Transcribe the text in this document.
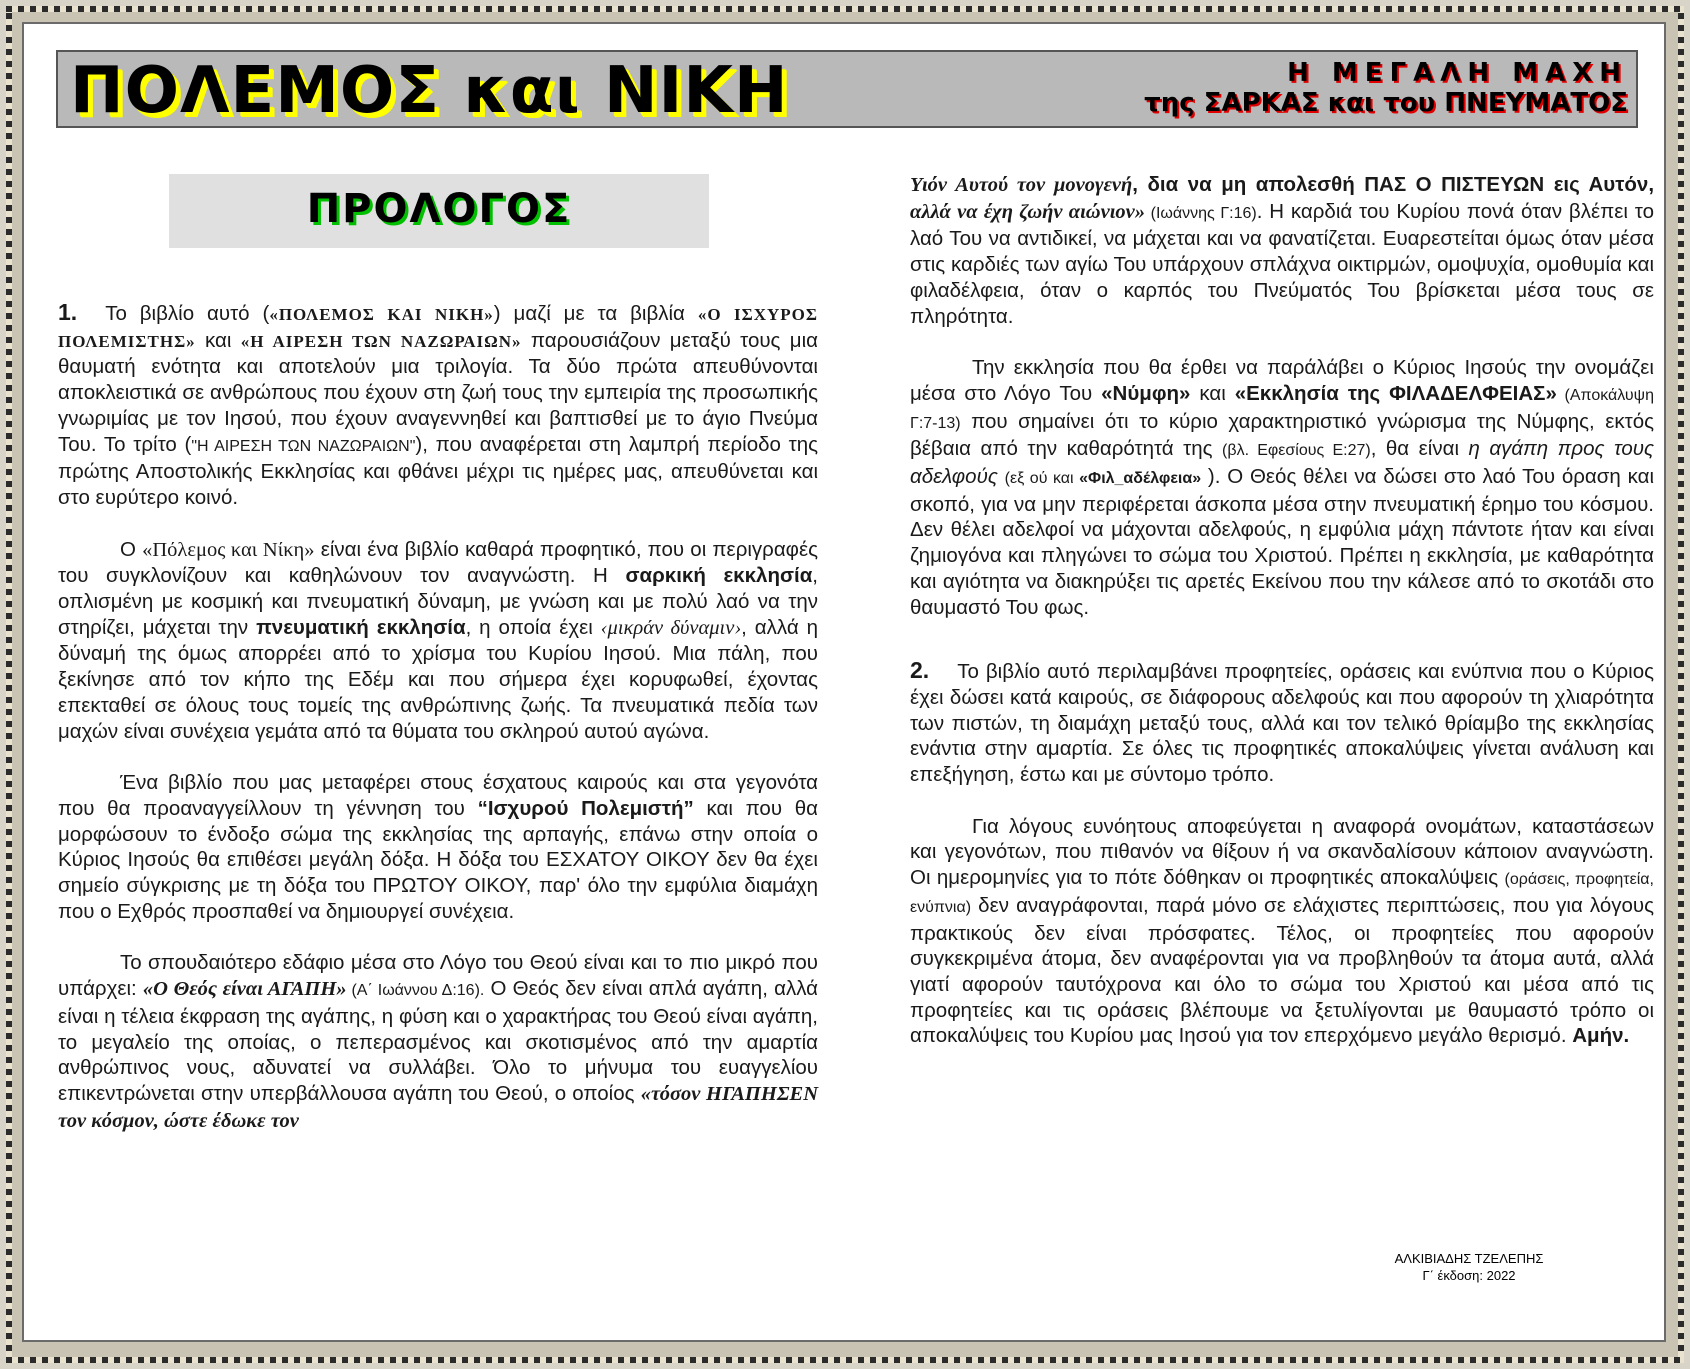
ΠΟΛΕΜΟΣ και ΝΙΚΗ	Η ΜΕΓΑΛΗ ΜΑΧΗ
της ΣΑΡΚΑΣ και του ΠΝΕΥΜΑΤΟΣ
ΠΡΟΛΟΓΟΣ

1. Το βιβλίο αυτό («ΠΟΛΕΜΟΣ ΚΑΙ ΝΙΚΗ») μαζί με τα βιβλία «Ο ΙΣΧΥΡΟΣ ΠΟΛΕΜΙΣΤΗΣ» και «Η ΑΙΡΕΣΗ ΤΩΝ ΝΑΖΩΡΑΙΩΝ» παρουσιάζουν μεταξύ τους μια θαυματή ενότητα και αποτελούν μια τριλογία. Τα δύο πρώτα απευθύνονται αποκλειστικά σε ανθρώπους που έχουν στη ζωή τους την εμπειρία της προσωπικής γνωριμίας με τον Ιησού, που έχουν αναγεννηθεί και βαπτισθεί με το άγιο Πνεύμα Του. Το τρίτο ("Η ΑΙΡΕΣΗ ΤΩΝ ΝΑΖΩΡΑΙΩΝ"), που αναφέρεται στη λαμπρή περίοδο της πρώτης Αποστολικής Εκκλησίας και φθάνει μέχρι τις ημέρες μας, απευθύνεται και στο ευρύτερο κοινό.

Ο «Πόλεμος και Νίκη» είναι ένα βιβλίο καθαρά προφητικό, που οι περιγραφές του συγκλονίζουν και καθηλώνουν τον αναγνώστη. Η σαρκική εκκλησία, οπλισμένη με κοσμική και πνευματική δύναμη, με γνώση και με πολύ λαό να την στηρίζει, μάχεται την πνευματική εκκλησία, η οποία έχει ‹μικράν δύναμιν›, αλλά η δύναμή της όμως απορρέει από το χρίσμα του Κυρίου Ιησού. Μια πάλη, που ξεκίνησε από τον κήπο της Εδέμ και που σήμερα έχει κορυφωθεί, έχοντας επεκταθεί σε όλους τους τομείς της ανθρώπινης ζωής. Τα πνευματικά πεδία των μαχών είναι συνέχεια γεμάτα από τα θύματα του σκληρού αυτού αγώνα.

Ένα βιβλίο που μας μεταφέρει στους έσχατους καιρούς και στα γεγονότα που θα προαναγγείλλουν τη γέννηση του “Ισχυρού Πολεμιστή” και που θα μορφώσουν το ένδοξο σώμα της εκκλησίας της αρπαγής, επάνω στην οποία ο Κύριος Ιησούς θα επιθέσει μεγάλη δόξα. Η δόξα του ΕΣΧΑΤΟΥ ΟΙΚΟΥ δεν θα έχει σημείο σύγκρισης με τη δόξα του ΠΡΩΤΟΥ ΟΙΚΟΥ, παρ' όλο την εμφύλια διαμάχη που ο Εχθρός προσπαθεί να δημιουργεί συνέχεια.

Το σπουδαιότερο εδάφιο μέσα στο Λόγο του Θεού είναι και το πιο μικρό που υπάρχει: «Ο Θεός είναι ΑΓΑΠΗ» (Α΄ Ιωάννου Δ:16). Ο Θεός δεν είναι απλά αγάπη, αλλά είναι η τέλεια έκφραση της αγάπης, η φύση και ο χαρακτήρας του Θεού είναι αγάπη, το μεγαλείο της οποίας, ο πεπερασμένος και σκοτισμένος από την αμαρτία ανθρώπινος νους, αδυνατεί να συλλάβει. Όλο το μήνυμα του ευαγγελίου επικεντρώνεται στην υπερβάλλουσα αγάπη του Θεού, ο οποίος «τόσον ΗΓΑΠΗΣΕΝ τον κόσμον, ώστε έδωκε τον

Υιόν Αυτού τον μονογενή, δια να μη απολεσθή ΠΑΣ Ο ΠΙΣΤΕΥΩΝ εις Αυτόν, αλλά να έχη ζωήν αιώνιον» (Ιωάννης Γ:16). Η καρδιά του Κυρίου πονά όταν βλέπει το λαό Του να αντιδικεί, να μάχεται και να φανατίζεται. Ευαρεστείται όμως όταν μέσα στις καρδιές των αγίω Του υπάρχουν σπλάχνα οικτιρμών, ομοψυχία, ομοθυμία και φιλαδέλφεια, όταν ο καρπός του Πνεύματός Του βρίσκεται μέσα τους σε πληρότητα.

Την εκκλησία που θα έρθει να παράλάβει ο Κύριος Ιησούς την ονομάζει μέσα στο Λόγο Του «Νύμφη» και «Εκκλησία της ΦΙΛΑΔΕΛΦΕΙΑΣ» (Αποκάλυψη Γ:7-13) που σημαίνει ότι το κύριο χαρακτηριστικό γνώρισμα της Νύμφης, εκτός βέβαια από την καθαρότητά της (βλ. Εφεσίους Ε:27), θα είναι η αγάπη προς τους αδελφούς (εξ ού και «Φιλ_αδέλφεια» ). Ο Θεός θέλει να δώσει στο λαό Του όραση και σκοπό, για να μην περιφέρεται άσκοπα μέσα στην πνευματική έρημο του κόσμου. Δεν θέλει αδελφοί να μάχονται αδελφούς, η εμφύλια μάχη πάντοτε ήταν και είναι ζημιογόνα και πληγώνει το σώμα του Χριστού. Πρέπει η εκκλησία, με καθαρότητα και αγιότητα να διακηρύξει τις αρετές Εκείνου που την κάλεσε από το σκοτάδι στο θαυμαστό Του φως.

2. Το βιβλίο αυτό περιλαμβάνει προφητείες, οράσεις και ενύπνια που ο Κύριος έχει δώσει κατά καιρούς, σε διάφορους αδελφούς και που αφορούν τη χλιαρότητα των πιστών, τη διαμάχη μεταξύ τους, αλλά και τον τελικό θρίαμβο της εκκλησίας ενάντια στην αμαρτία. Σε όλες τις προφητικές αποκαλύψεις γίνεται ανάλυση και επεξήγηση, έστω και με σύντομο τρόπο.

Για λόγους ευνόητους αποφεύγεται η αναφορά ονομάτων, καταστάσεων και γεγονότων, που πιθανόν να θίξουν ή να σκανδαλίσουν κάποιον αναγνώστη. Οι ημερομηνίες για το πότε δόθηκαν οι προφητικές αποκαλύψεις (οράσεις, προφητεία, ενύπνια) δεν αναγράφονται, παρά μόνο σε ελάχιστες περιπτώσεις, που για λόγους πρακτικούς δεν είναι πρόσφατες. Τέλος, οι προφητείες που αφορούν συγκεκριμένα άτομα, δεν αναφέρονται για να προβληθούν τα άτομα αυτά, αλλά γιατί αφορούν ταυτόχρονα και όλο το σώμα του Χριστού και μέσα από τις προφητείες και τις οράσεις βλέπουμε να ξετυλίγονται με θαυμαστό τρόπο οι αποκαλύψεις του Κυρίου μας Ιησού για τον επερχόμενο μεγάλο θερισμό. Αμήν.

ΑΛΚΙΒΙΑΔΗΣ ΤΖΕΛΕΠΗΣ
Γ΄ έκδοση: 2022
